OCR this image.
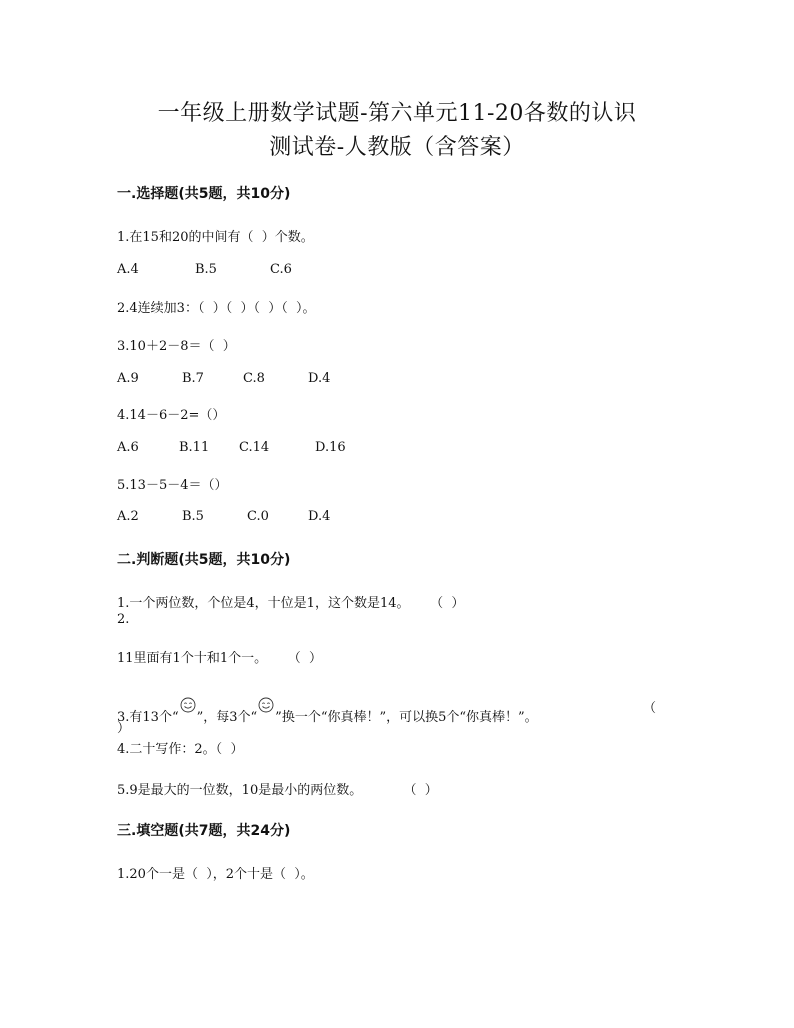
一年级上册数学试题-第六单元11-20各数的认识
测试卷-人教版（含答案）
一.选择题(共5题，共10分)
1.在15和20的中间有（  ）个数。
A.4	B.5	C.6
2.4连续加3：（  ）（  ）（  ）（  ）。
3.10＋2－8＝（  ）
A.9	B.7	C.8	D.4
4.14－6－2=（）
A.6	B.11 C.14	D.16
5.13－5－4＝（）
A.2	B.5	C.0	D.4
二.判断题(共5题，共10分)
1.一个两位数，个位是4，十位是1，这个数是14。     （  ）
2.
11里面有1个十和1个一。     （  ）
3.有13个“ ”，每3个“ ”换一个“你真棒！”，可以换5个“你真棒！”。
（
）
4.二十写作：2。（  ）
5.9是最大的一位数，10是最小的两位数。          （  ）
三.填空题(共7题，共24分)
1.20个一是（  ），2个十是（  ）。
